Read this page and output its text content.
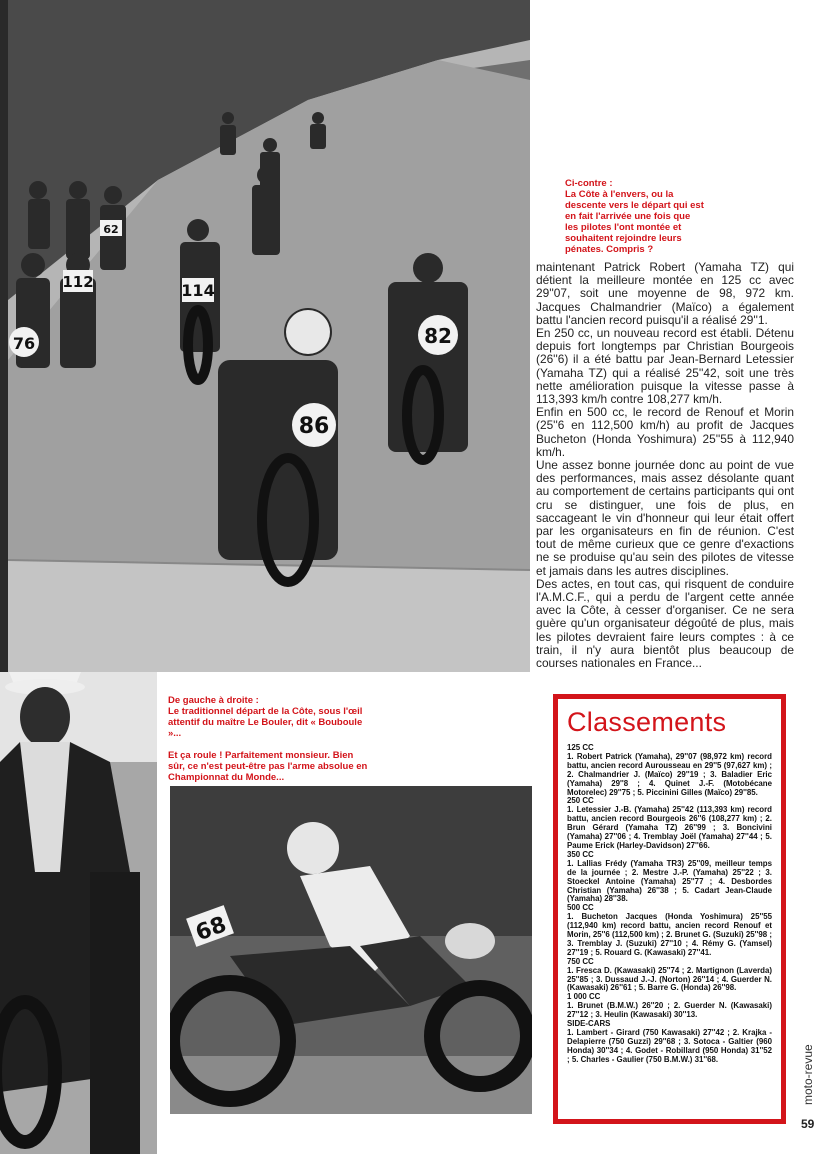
86
82
114
112
76
62
68

Ci-contre :

La Côte à l'envers, ou la descente vers le départ qui est en fait l'arrivée une fois que les pilotes l'ont montée et souhaitent rejoindre leurs pénates. Compris ?

De gauche à droite :

Le traditionnel départ de la Côte, sous l'œil attentif du maître Le Bouler, dit « Bouboule »...

Et ça roule ! Parfaitement monsieur. Bien sûr, ce n'est peut-être pas l'arme absolue en Championnat du Monde...

maintenant Patrick Robert (Yamaha TZ) qui détient la meilleure montée en 125 cc avec 29''07, soit une moyenne de 98, 972 km. Jacques Chalmandrier (Maïco) a également battu l'ancien record puisqu'il a réalisé 29''1.

En 250 cc, un nouveau record est établi. Détenu depuis fort longtemps par Christian Bourgeois (26''6) il a été battu par Jean-Bernard Letessier (Yamaha TZ) qui a réalisé 25''42, soit une très nette amélioration puisque la vitesse passe à 113,393 km/h contre 108,277 km/h.

Enfin en 500 cc, le record de Renouf et Morin (25''6 en 112,500 km/h) au profit de Jacques Bucheton (Honda Yoshimura) 25''55 à 112,940 km/h.

Une assez bonne journée donc au point de vue des performances, mais assez désolante quant au comportement de certains participants qui ont cru se distinguer, une fois de plus, en saccageant le vin d'honneur qui leur était offert par les organisateurs en fin de réunion. C'est tout de même curieux que ce genre d'exactions ne se produise qu'au sein des pilotes de vitesse et jamais dans les autres disciplines.

Des actes, en tout cas, qui risquent de conduire l'A.M.C.F., qui a perdu de l'argent cette année avec la Côte, à cesser d'organiser. Ce ne sera guère qu'un organisateur dégoûté de plus, mais les pilotes devraient faire leurs comptes : à ce train, il n'y aura bientôt plus beaucoup de courses nationales en France...

Classements
125 CC
1. Robert Patrick (Yamaha), 29''07 (98,972 km) record battu, ancien record Aurousseau en 29''5 (97,627 km) ; 2. Chalmandrier J. (Maïco) 29''19 ; 3. Baladier Eric (Yamaha) 29''8 ; 4. Quinet J.-F. (Motobécane Motorelec) 29''75 ; 5. Piccinini Gilles (Maïco) 29''85.
250 CC
1. Letessier J.-B. (Yamaha) 25''42 (113,393 km) record battu, ancien record Bourgeois 26''6 (108,277 km) ; 2. Brun Gérard (Yamaha TZ) 26''99 ; 3. Boncivini (Yamaha) 27''06 ; 4. Tremblay Joël (Yamaha) 27''44 ; 5. Paume Erick (Harley-Davidson) 27''66.
350 CC
1. Lallias Frédy (Yamaha TR3) 25''09, meilleur temps de la journée ; 2. Mestre J.-P. (Yamaha) 25''22 ; 3. Stoeckel Antoine (Yamaha) 25''77 ; 4. Desbordes Christian (Yamaha) 26''38 ; 5. Cadart Jean-Claude (Yamaha) 28''38.
500 CC
1. Bucheton Jacques (Honda Yoshimura) 25''55 (112,940 km) record battu, ancien record Renouf et Morin, 25''6 (112,500 km) ; 2. Brunet G. (Suzuki) 25''98 ; 3. Tremblay J. (Suzuki) 27''10 ; 4. Rémy G. (Yamsel) 27''19 ; 5. Rouard G. (Kawasaki) 27''41.
750 CC
1. Fresca D. (Kawasaki) 25''74 ; 2. Martignon (Laverda) 25''85 ; 3. Dussaud J.-J. (Norton) 26''14 ; 4. Guerder N. (Kawasaki) 26''61 ; 5. Barre G. (Honda) 26''98.
1 000 CC
1. Brunet (B.M.W.) 26''20 ; 2. Guerder N. (Kawasaki) 27''12 ; 3. Heulin (Kawasaki) 30''13.
SIDE-CARS
1. Lambert - Girard (750 Kawasaki) 27''42 ; 2. Krajka - Delapierre (750 Guzzi) 29''68 ; 3. Sotoca - Galtier (960 Honda) 30''34 ; 4. Godet - Robillard (950 Honda) 31''52 ; 5. Charles - Gaulier (750 B.M.W.) 31''68.	moto-revue
59
